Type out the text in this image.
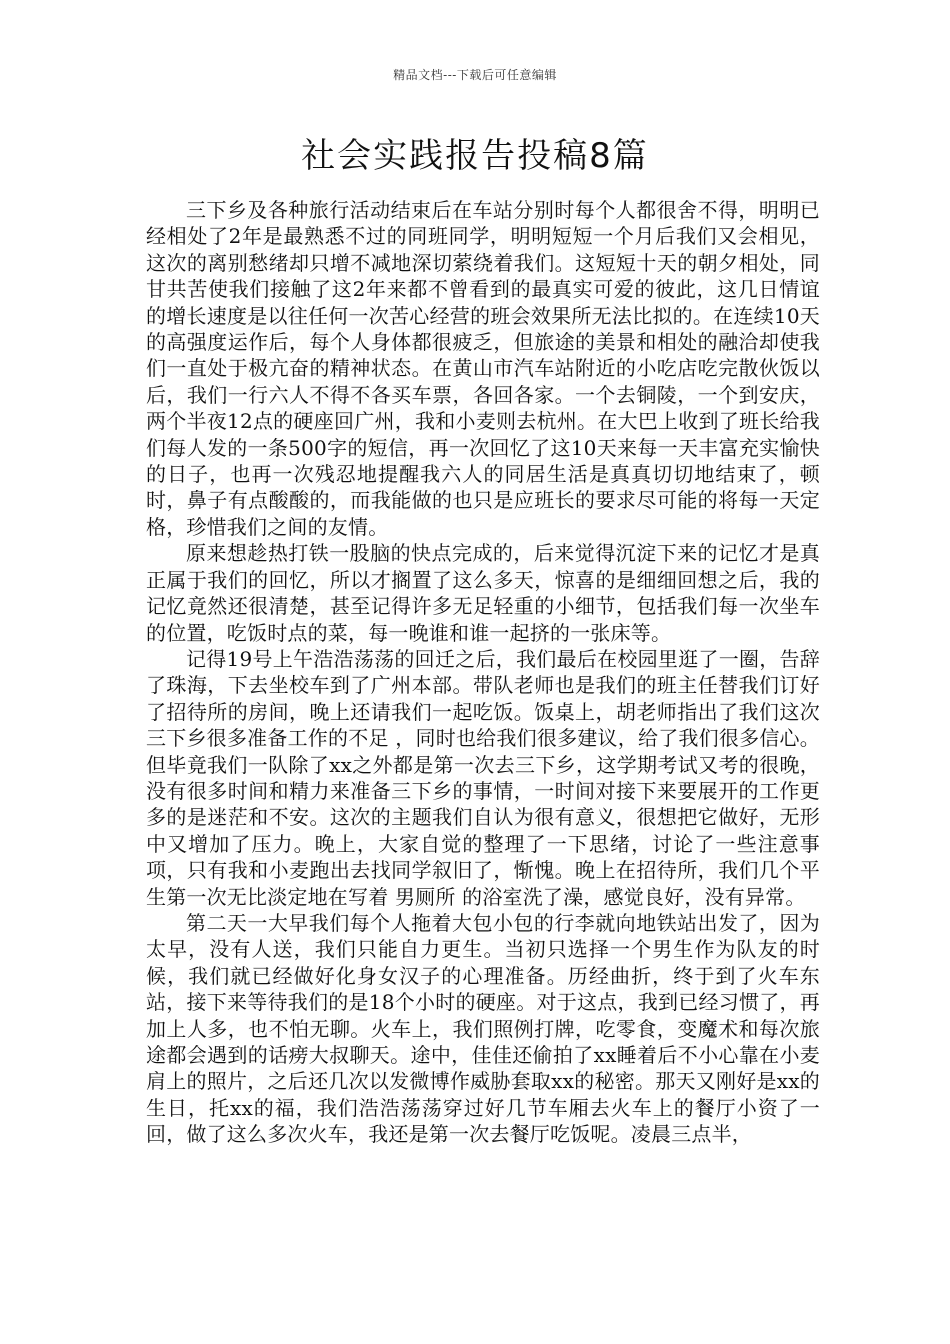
精品文档---下载后可任意编辑
社会实践报告投稿8篇

三下乡及各种旅行活动结束后在车站分别时每个人都很舍不得，明明已经相处了2年是最熟悉不过的同班同学，明明短短一个月后我们又会相见，这次的离别愁绪却只增不减地深切萦绕着我们。这短短十天的朝夕相处，同甘共苦使我们接触了这2年来都不曾看到的最真实可爱的彼此，这几日情谊的增长速度是以往任何一次苦心经营的班会效果所无法比拟的。在连续10天的高强度运作后，每个人身体都很疲乏，但旅途的美景和相处的融洽却使我们一直处于极亢奋的精神状态。在黄山市汽车站附近的小吃店吃完散伙饭以后，我们一行六人不得不各买车票，各回各家。一个去铜陵，一个到安庆，两个半夜12点的硬座回广州，我和小麦则去杭州。在大巴上收到了班长给我们每人发的一条500字的短信，再一次回忆了这10天来每一天丰富充实愉快的日子，也再一次残忍地提醒我六人的同居生活是真真切切地结束了，顿时，鼻子有点酸酸的，而我能做的也只是应班长的要求尽可能的将每一天定格，珍惜我们之间的友情。

原来想趁热打铁一股脑的快点完成的，后来觉得沉淀下来的记忆才是真正属于我们的回忆，所以才搁置了这么多天，惊喜的是细细回想之后，我的记忆竟然还很清楚，甚至记得许多无足轻重的小细节，包括我们每一次坐车的位置，吃饭时点的菜，每一晚谁和谁一起挤的一张床等。

记得19号上午浩浩荡荡的回迁之后，我们最后在校园里逛了一圈，告辞了珠海，下去坐校车到了广州本部。带队老师也是我们的班主任替我们订好了招待所的房间，晚上还请我们一起吃饭。饭桌上，胡老师指出了我们这次三下乡很多准备工作的不足 ，同时也给我们很多建议，给了我们很多信心。但毕竟我们一队除了xx之外都是第一次去三下乡，这学期考试又考的很晚，没有很多时间和精力来准备三下乡的事情，一时间对接下来要展开的工作更多的是迷茫和不安。这次的主题我们自认为很有意义，很想把它做好，无形中又增加了压力。晚上，大家自觉的整理了一下思绪，讨论了一些注意事项，只有我和小麦跑出去找同学叙旧了，惭愧。晚上在招待所，我们几个平生第一次无比淡定地在写着 男厕所 的浴室洗了澡，感觉良好，没有异常。

第二天一大早我们每个人拖着大包小包的行李就向地铁站出发了，因为太早，没有人送，我们只能自力更生。当初只选择一个男生作为队友的时候，我们就已经做好化身女汉子的心理准备。历经曲折，终于到了火车东站，接下来等待我们的是18个小时的硬座。对于这点，我到已经习惯了，再加上人多，也不怕无聊。火车上，我们照例打牌，吃零食，变魔术和每次旅途都会遇到的话痨大叔聊天。途中，佳佳还偷拍了xx睡着后不小心靠在小麦肩上的照片，之后还几次以发微博作威胁套取xx的秘密。那天又刚好是xx的生日，托xx的福，我们浩浩荡荡穿过好几节车厢去火车上的餐厅小资了一回，做了这么多次火车，我还是第一次去餐厅吃饭呢。凌晨三点半，
